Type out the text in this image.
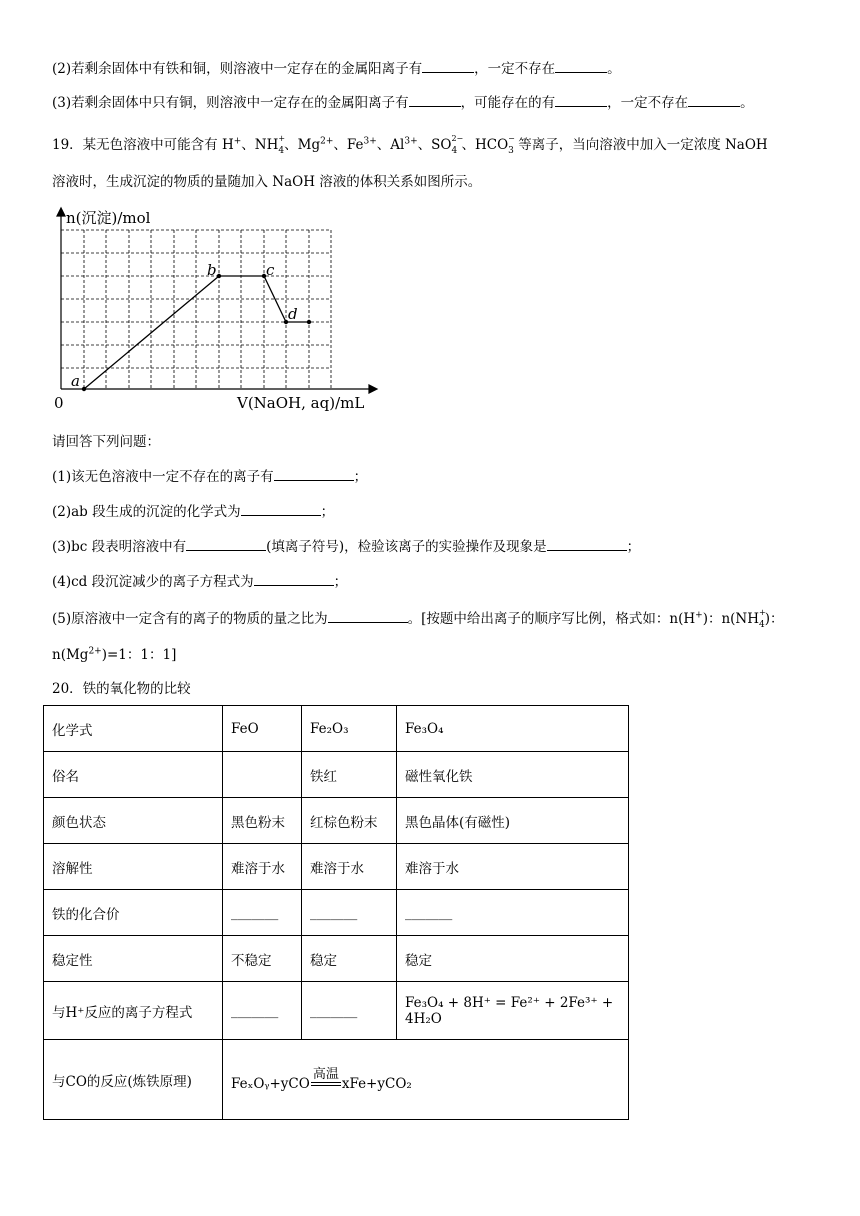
(2)若剩余固体中有铁和铜，则溶液中一定存在的金属阳离子有	，一定不存在	。
(3)若剩余固体中只有铜，则溶液中一定存在的金属阳离子有	，可能存在的有	，一定不存在	。
19．某无色溶液中可能含有 H+、NH $_{+ 4}$、$Mg^{2+}$、$Fe^{3+}$、$Al^{3+}$、SO $_{2- 4}$ 、HCO $_{- 3}$ 等离子，当向溶液中加入一定浓度 NaOH
溶液时，生成沉淀的物质的量随加入 NaOH 溶液的体积关系如图所示。
n(沉淀)/mol
V(NaOH, aq)/mL
0
a
b	c
d
请回答下列问题：
(1)该无色溶液中一定不存在的离子有	；
(2)ab 段生成的沉淀的化学式为	；
(3)bc 段表明溶液中有	(填离子符号)，检验该离子的实验操作及现象是	；
(4)cd 段沉淀减少的离子方程式为	；
(5)原溶液中一定含有的离子的物质的量之比为	。[按题中给出离子的顺序写比例，格式如：n(H+)：n(NH $_{+ 4}$)：
$n(Mg^{2+})=1$：1：1]
20．铁的氧化物的比较
化学式	FeO	Fe₂O₃	Fe₃O₄
俗名		铁红	磁性氧化铁
颜色状态	黑色粉末	红棕色粉末	黑色晶体(有磁性)
溶解性	难溶于水	难溶于水	难溶于水
铁的化合价	_______	_______	_______
稳定性	不稳定	稳定	稳定
与H⁺反应的离子方程式	_______	_______	Fe₃O₄ + 8H⁺ = Fe²⁺ + 2Fe³⁺ + 4H₂O
与CO的反应(炼铁原理)	FeₓOᵧ+yCO
高温
xFe+yCO₂		
